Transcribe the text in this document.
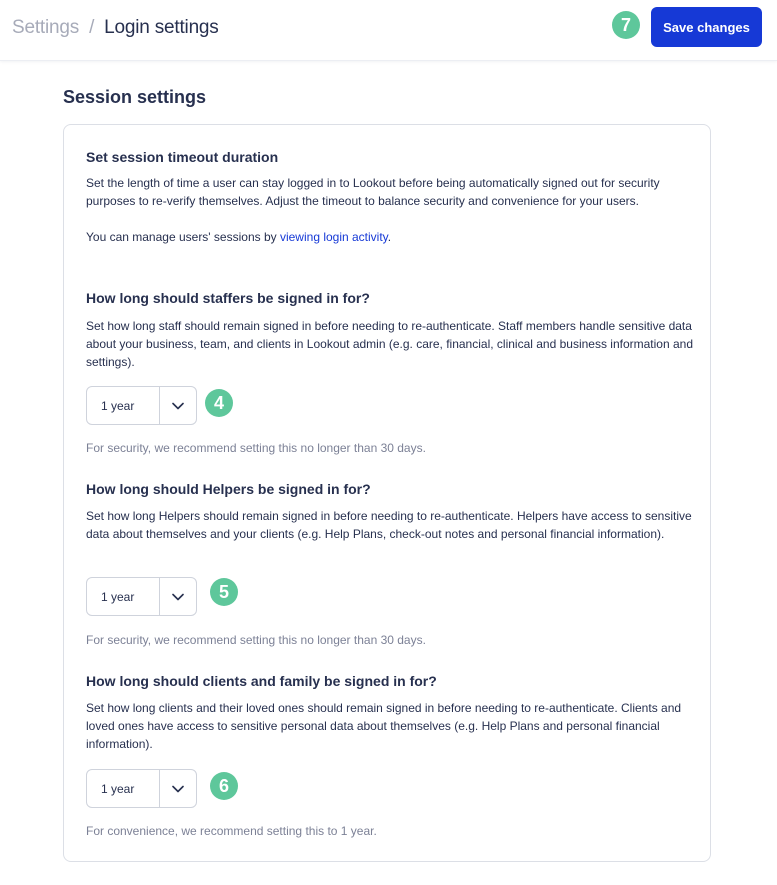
Settings / Login settings	7	Save changes
Session settings
Set session timeout duration
Set the length of time a user can stay logged in to Lookout before being automatically signed out for security purposes to re-verify themselves. Adjust the timeout to balance security and convenience for your users.
You can manage users' sessions by viewing login activity.
How long should staffers be signed in for?
Set how long staff should remain signed in before needing to re-authenticate. Staff members handle sensitive data about your business, team, and clients in Lookout admin (e.g. care, financial, clinical and business information and settings).
1 year	4
For security, we recommend setting this no longer than 30 days.
How long should Helpers be signed in for?
Set how long Helpers should remain signed in before needing to re-authenticate. Helpers have access to sensitive data about themselves and your clients (e.g. Help Plans, check-out notes and personal financial information).
1 year	5
For security, we recommend setting this no longer than 30 days.
How long should clients and family be signed in for?
Set how long clients and their loved ones should remain signed in before needing to re-authenticate. Clients and loved ones have access to sensitive personal data about themselves (e.g. Help Plans and personal financial information).
1 year	6
For convenience, we recommend setting this to 1 year.
